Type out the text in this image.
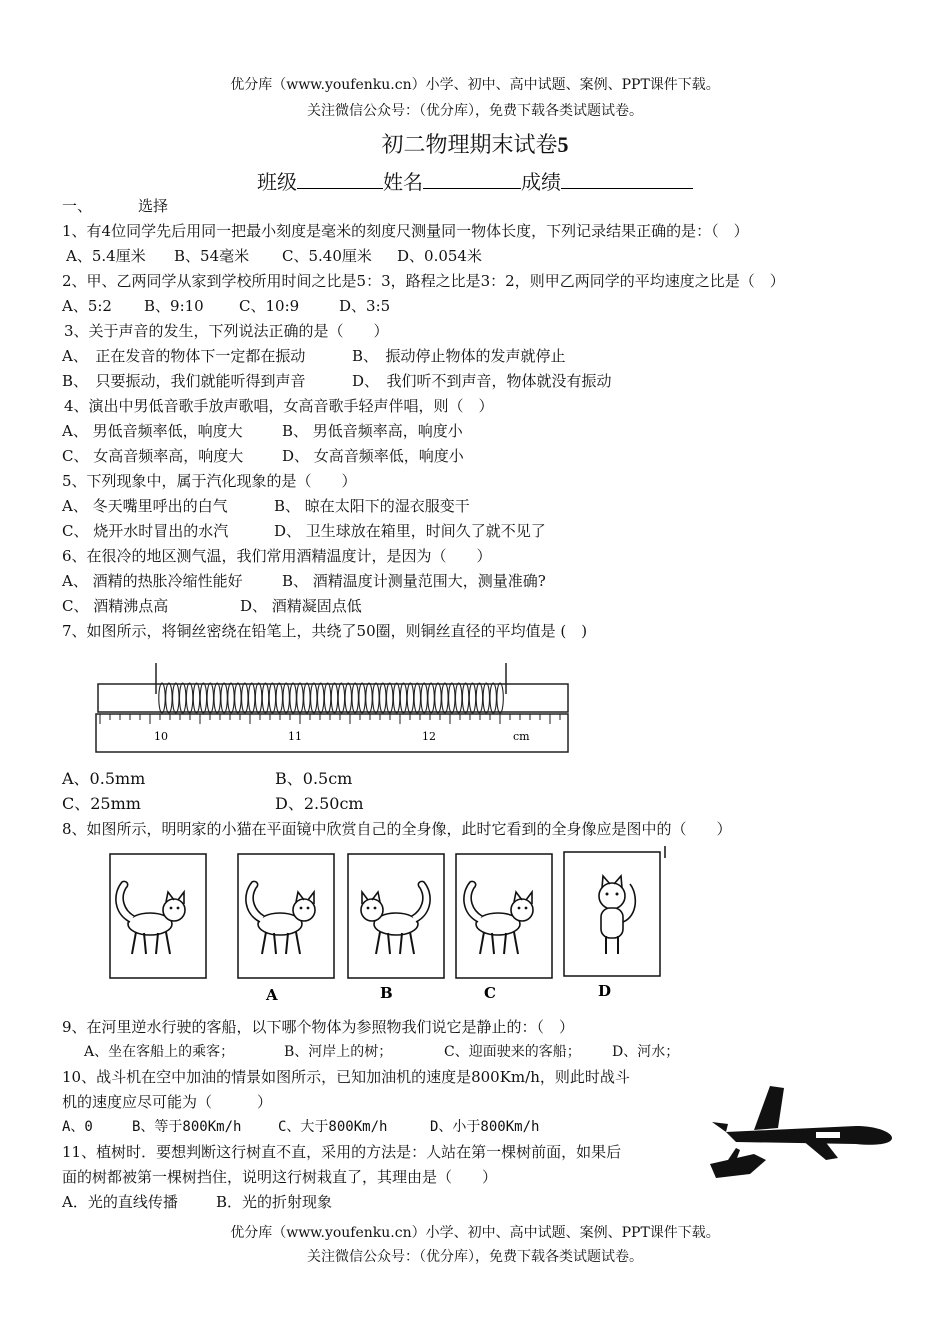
优分库（www.youfenku.cn）小学、初中、高中试题、案例、PPT课件下载。
关注微信公众号：（优分库），免费下载各类试题试卷。
初二物理期末试卷5
班级	姓名	成绩
一、	选择
1、有4位同学先后用同一把最小刻度是毫米的刻度尺测量同一物体长度，下列记录结果正确的是：（　）
A、5.4厘米 B、54毫米 C、5.40厘米 D、0.054米
2、甲、乙两同学从家到学校所用时间之比是5：3，路程之比是3：2，则甲乙两同学的平均速度之比是（　）
A、5:2 B、9:10 C、10:9	D、3:5
3、关于声音的发生，下列说法正确的是（　　）
A、　正在发音的物体下一定都在振动	B、　振动停止物体的发声就停止
B、　只要振动，我们就能听得到声音	D、　我们听不到声音，物体就没有振动
4、演出中男低音歌手放声歌唱，女高音歌手轻声伴唱，则（　）
A、 男低音频率低，响度大	B、 男低音频率高，响度小
C、 女高音频率高，响度大	D、 女高音频率低，响度小
5、下列现象中，属于汽化现象的是（　　）
A、 冬天嘴里呼出的白气	B、 晾在太阳下的湿衣服变干
C、 烧开水时冒出的水汽	D、 卫生球放在箱里，时间久了就不见了
6、在很冷的地区测气温，我们常用酒精温度计，是因为（　　）
A、 酒精的热胀冷缩性能好	B、 酒精温度计测量范围大，测量准确?
C、 酒精沸点高	D、 酒精凝固点低
7、如图所示，将铜丝密绕在铅笔上，共绕了50圈，则铜丝直径的平均值是 (　)
10	11	12	cm
A、0.5mm	B、0.5cm
C、25mm	D、2.50cm
8、如图所示，明明家的小猫在平面镜中欣赏自己的全身像，此时它看到的全身像应是图中的（　　）
A	B	C	D
9、在河里逆水行驶的客船，以下哪个物体为参照物我们说它是静止的：（　）
A、坐在客船上的乘客；	B、河岸上的树；	C、迎面驶来的客船； D、河水；
10、战斗机在空中加油的情景如图所示，已知加油机的速度是800Km/h，则此时战斗
机的速度应尽可能为（　　　）
A、0	B、等于800Km/h	C、大于800Km/h	D、小于800Km/h
11、植树时．要想判断这行树直不直，采用的方法是：人站在第一棵树前面，如果后
面的树都被第一棵树挡住，说明这行树栽直了，其理由是（　　）
A．光的直线传播	B．光的折射现象
优分库（www.youfenku.cn）小学、初中、高中试题、案例、PPT课件下载。
关注微信公众号：（优分库），免费下载各类试题试卷。
